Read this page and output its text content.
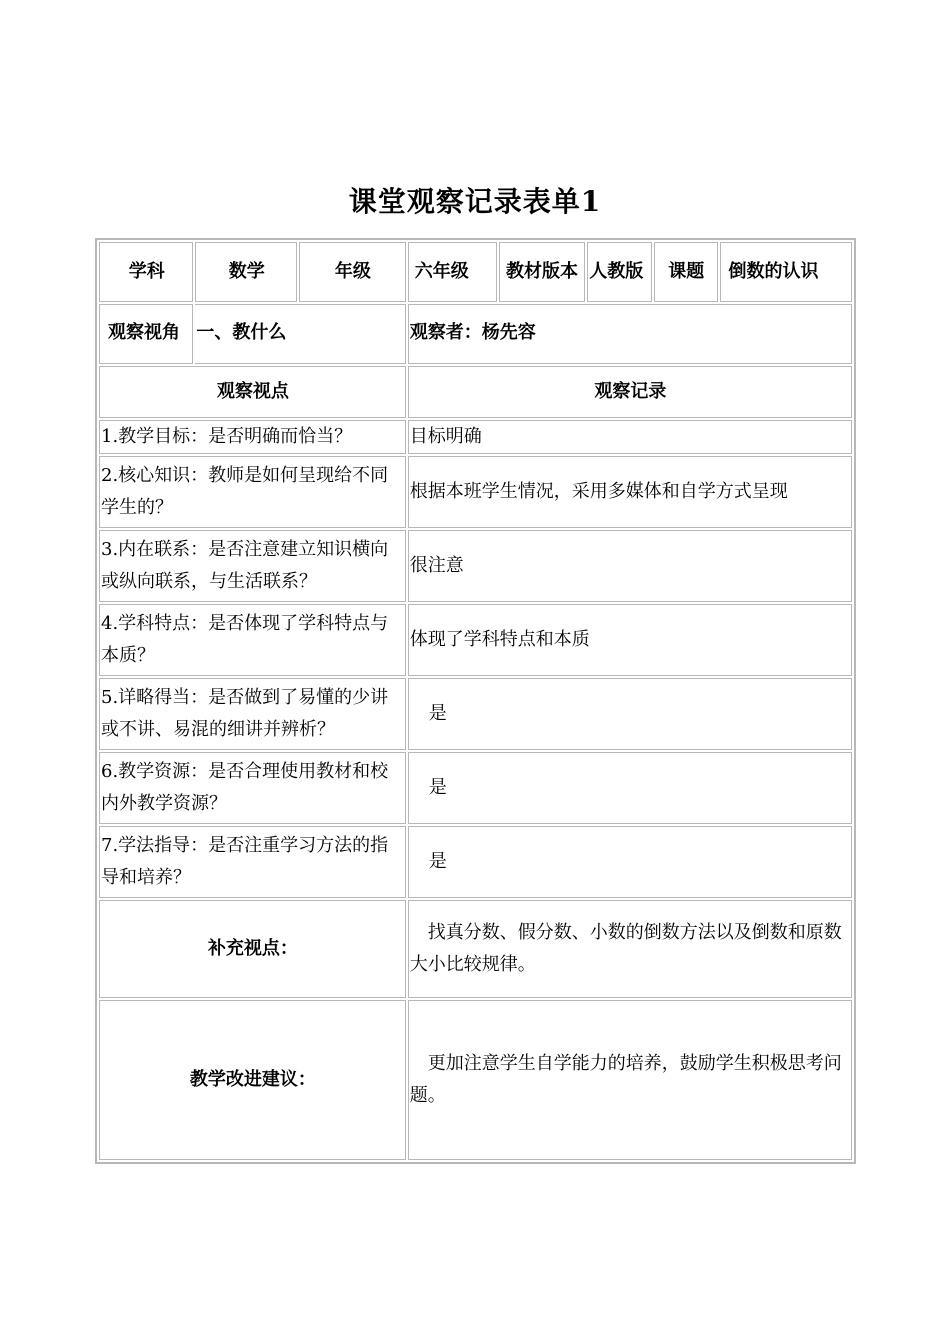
课堂观察记录表单1
学科	数学	年级	六年级	教材版本	人教版	课题	倒数的认识
观察视角	一、教什么		观察者：杨先容				
观察视点			观察记录				
1.教学目标：是否明确而恰当？			目标明确				
2.核心知识：教师是如何呈现给不同学生的？			根据本班学生情况，采用多媒体和自学方式呈现				
3.内在联系：是否注意建立知识横向或纵向联系，与生活联系？			很注意				
4.学科特点：是否体现了学科特点与本质？			体现了学科特点和本质				
5.详略得当：是否做到了易懂的少讲或不讲、易混的细讲并辨析？			是				
6.教学资源：是否合理使用教材和校内外教学资源？			是				
7.学法指导：是否注重学习方法的指导和培养？			是				
补充视点：			找真分数、假分数、小数的倒数方法以及倒数和原数大小比较规律。				
教学改进建议：			更加注意学生自学能力的培养，鼓励学生积极思考问题。				
